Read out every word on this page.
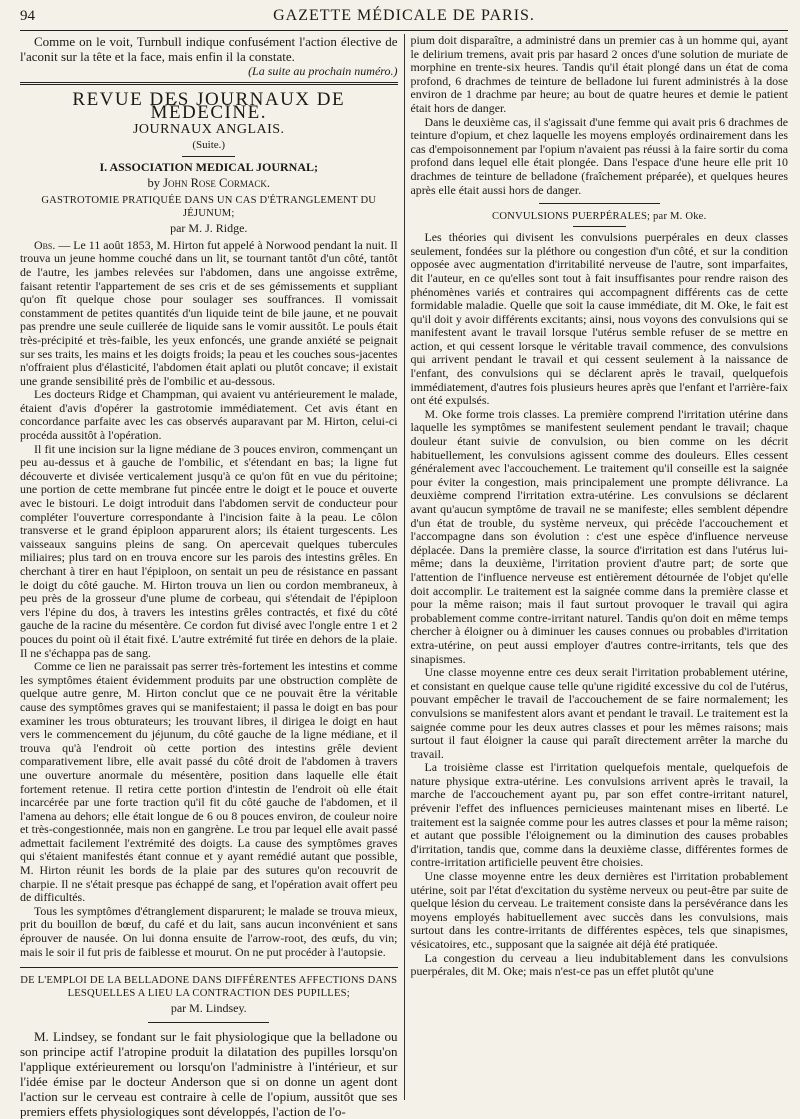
94	GAZETTE MÉDICALE DE PARIS.

Comme on le voit, Turnbull indique confusément l'action élective de l'aconit sur la tête et la face, mais enfin il la constate.

(La suite au prochain numéro.)

REVUE DES JOURNAUX DE MÉDECINE.
JOURNAUX ANGLAIS.
(Suite.)
I. ASSOCIATION MEDICAL JOURNAL;
by John Rose Cormack.
GASTROTOMIE PRATIQUÉE DANS UN CAS D'ÉTRANGLEMENT DU JÉJUNUM;
par M. J. Ridge.

Obs. — Le 11 août 1853, M. Hirton fut appelé à Norwood pendant la nuit. Il trouva un jeune homme couché dans un lit, se tournant tantôt d'un côté, tantôt de l'autre, les jambes relevées sur l'abdomen, dans une angoisse extrême, faisant retentir l'appartement de ses cris et de ses gémissements et suppliant qu'on fît quelque chose pour soulager ses souffrances. Il vomissait constamment de petites quantités d'un liquide teint de bile jaune, et ne pouvait pas prendre une seule cuillerée de liquide sans le vomir aussitôt. Le pouls était très-précipité et très-faible, les yeux enfoncés, une grande anxiété se peignait sur ses traits, les mains et les doigts froids; la peau et les couches sous-jacentes n'offraient plus d'élasticité, l'abdomen était aplati ou plutôt concave; il existait une grande sensibilité près de l'ombilic et au-dessous.

Les docteurs Ridge et Champman, qui avaient vu antérieurement le malade, étaient d'avis d'opérer la gastrotomie immédiatement. Cet avis étant en concordance parfaite avec les cas observés auparavant par M. Hirton, celui-ci procéda aussitôt à l'opération.

Il fit une incision sur la ligne médiane de 3 pouces environ, commençant un peu au-dessus et à gauche de l'ombilic, et s'étendant en bas; la ligne fut découverte et divisée verticalement jusqu'à ce qu'on fût en vue du péritoine; une portion de cette membrane fut pincée entre le doigt et le pouce et ouverte avec le bistouri. Le doigt introduit dans l'abdomen servit de conducteur pour compléter l'ouverture correspondante à l'incision faite à la peau. Le côlon transverse et le grand épiploon apparurent alors; ils étaient turgescents. Les vaisseaux sanguins pleins de sang. On apercevait quelques tubercules miliaires; plus tard on en trouva encore sur les parois des intestins grêles. En cherchant à tirer en haut l'épiploon, on sentait un peu de résistance en passant le doigt du côté gauche. M. Hirton trouva un lien ou cordon membraneux, à peu près de la grosseur d'une plume de corbeau, qui s'étendait de l'épiploon vers l'épine du dos, à travers les intestins grêles contractés, et fixé du côté gauche de la racine du mésentère. Ce cordon fut divisé avec l'ongle entre 1 et 2 pouces du point où il était fixé. L'autre extrémité fut tirée en dehors de la plaie. Il ne s'échappa pas de sang.

Comme ce lien ne paraissait pas serrer très-fortement les intestins et comme les symptômes étaient évidemment produits par une obstruction complète de quelque autre genre, M. Hirton conclut que ce ne pouvait être la véritable cause des symptômes graves qui se manifestaient; il passa le doigt en bas pour examiner les trous obturateurs; les trouvant libres, il dirigea le doigt en haut vers le commencement du jéjunum, du côté gauche de la ligne médiane, et il trouva qu'à l'endroit où cette portion des intestins grêle devient comparativement libre, elle avait passé du côté droit de l'abdomen à travers une ouverture anormale du mésentère, position dans laquelle elle était fortement retenue. Il retira cette portion d'intestin de l'endroit où elle était incarcérée par une forte traction qu'il fit du côté gauche de l'abdomen, et il l'amena au dehors; elle était longue de 6 ou 8 pouces environ, de couleur noire et très-congestionnée, mais non en gangrène. Le trou par lequel elle avait passé admettait facilement l'extrémité des doigts. La cause des symptômes graves qui s'étaient manifestés étant connue et y ayant remédié autant que possible, M. Hirton réunit les bords de la plaie par des sutures qu'on recouvrit de charpie. Il ne s'était presque pas échappé de sang, et l'opération avait offert peu de difficultés.

Tous les symptômes d'étranglement disparurent; le malade se trouva mieux, prit du bouillon de bœuf, du café et du lait, sans aucun inconvénient et sans éprouver de nausée. On lui donna ensuite de l'arrow-root, des œufs, du vin; mais le soir il fut pris de faiblesse et mourut. On ne put procéder à l'autopsie.

DE L'EMPLOI DE LA BELLADONE DANS DIFFÉRENTES AFFECTIONS DANS LESQUELLES A LIEU LA CONTRACTION DES PUPILLES;
par M. Lindsey.

M. Lindsey, se fondant sur le fait physiologique que la belladone ou son principe actif l'atropine produit la dilatation des pupilles lorsqu'on l'applique extérieurement ou lorsqu'on l'administre à l'intérieur, et sur l'idée émise par le docteur Anderson que si on donne un agent dont l'action sur le cerveau est contraire à celle de l'opium, aussitôt que ses premiers effets physiologiques sont développés, l'action de l'o-

pium doit disparaître, a administré dans un premier cas à un homme qui, ayant le delirium tremens, avait pris par hasard 2 onces d'une solution de muriate de morphine en trente-six heures. Tandis qu'il était plongé dans un état de coma profond, 6 drachmes de teinture de belladone lui furent administrés à la dose environ de 1 drachme par heure; au bout de quatre heures et demie le patient était hors de danger.

Dans le deuxième cas, il s'agissait d'une femme qui avait pris 6 drachmes de teinture d'opium, et chez laquelle les moyens employés ordinairement dans les cas d'empoisonnement par l'opium n'avaient pas réussi à la faire sortir du coma profond dans lequel elle était plongée. Dans l'espace d'une heure elle prit 10 drachmes de teinture de belladone (fraîchement préparée), et quelques heures après elle était aussi hors de danger.

CONVULSIONS PUERPÉRALES; par M. Oke.

Les théories qui divisent les convulsions puerpérales en deux classes seulement, fondées sur la pléthore ou congestion d'un côté, et sur la condition opposée avec augmentation d'irritabilité nerveuse de l'autre, sont imparfaites, dit l'auteur, en ce qu'elles sont tout à fait insuffisantes pour rendre raison des phénomènes variés et contraires qui accompagnent différents cas de cette formidable maladie. Quelle que soit la cause immédiate, dit M. Oke, le fait est qu'il doit y avoir différents excitants; ainsi, nous voyons des convulsions qui se manifestent avant le travail lorsque l'utérus semble refuser de se mettre en action, et qui cessent lorsque le véritable travail commence, des convulsions qui arrivent pendant le travail et qui cessent seulement à la naissance de l'enfant, des convulsions qui se déclarent après le travail, quelquefois immédiatement, d'autres fois plusieurs heures après que l'enfant et l'arrière-faix ont été expulsés.

M. Oke forme trois classes. La première comprend l'irritation utérine dans laquelle les symptômes se manifestent seulement pendant le travail; chaque douleur étant suivie de convulsion, ou bien comme on les décrit habituellement, les convulsions agissent comme des douleurs. Elles cessent généralement avec l'accouchement. Le traitement qu'il conseille est la saignée pour éviter la congestion, mais principalement une prompte délivrance. La deuxième comprend l'irritation extra-utérine. Les convulsions se déclarent avant qu'aucun symptôme de travail ne se manifeste; elles semblent dépendre d'un état de trouble, du système nerveux, qui précède l'accouchement et l'accompagne dans son évolution : c'est une espèce d'influence nerveuse déplacée. Dans la première classe, la source d'irritation est dans l'utérus lui-même; dans la deuxième, l'irritation provient d'autre part; de sorte que l'attention de l'influence nerveuse est entièrement détournée de l'objet qu'elle doit accomplir. Le traitement est la saignée comme dans la première classe et pour la même raison; mais il faut surtout provoquer le travail qui agira probablement comme contre-irritant naturel. Tandis qu'on doit en même temps chercher à éloigner ou à diminuer les causes connues ou probables d'irritation extra-utérine, on peut aussi employer d'autres contre-irritants, tels que des sinapismes.

Une classe moyenne entre ces deux serait l'irritation probablement utérine, et consistant en quelque cause telle qu'une rigidité excessive du col de l'utérus, pouvant empêcher le travail de l'accouchement de se faire normalement; les convulsions se manifestent alors avant et pendant le travail. Le traitement est la saignée comme pour les deux autres classes et pour les mêmes raisons; mais surtout il faut éloigner la cause qui paraît directement arrêter la marche du travail.

La troisième classe est l'irritation quelquefois mentale, quelquefois de nature physique extra-utérine. Les convulsions arrivent après le travail, la marche de l'accouchement ayant pu, par son effet contre-irritant naturel, prévenir l'effet des influences pernicieuses maintenant mises en liberté. Le traitement est la saignée comme pour les autres classes et pour la même raison; et autant que possible l'éloignement ou la diminution des causes probables d'irritation, tandis que, comme dans la deuxième classe, différentes formes de contre-irritation artificielle peuvent être choisies.

Une classe moyenne entre les deux dernières est l'irritation probablement utérine, soit par l'état d'excitation du système nerveux ou peut-être par suite de quelque lésion du cerveau. Le traitement consiste dans la persévérance dans les moyens employés habituellement avec succès dans les convulsions, mais surtout dans les contre-irritants de différentes espèces, tels que sinapismes, vésicatoires, etc., supposant que la saignée ait déjà été pratiquée.

La congestion du cerveau a lieu indubitablement dans les convulsions puerpérales, dit M. Oke; mais n'est-ce pas un effet plutôt qu'une
